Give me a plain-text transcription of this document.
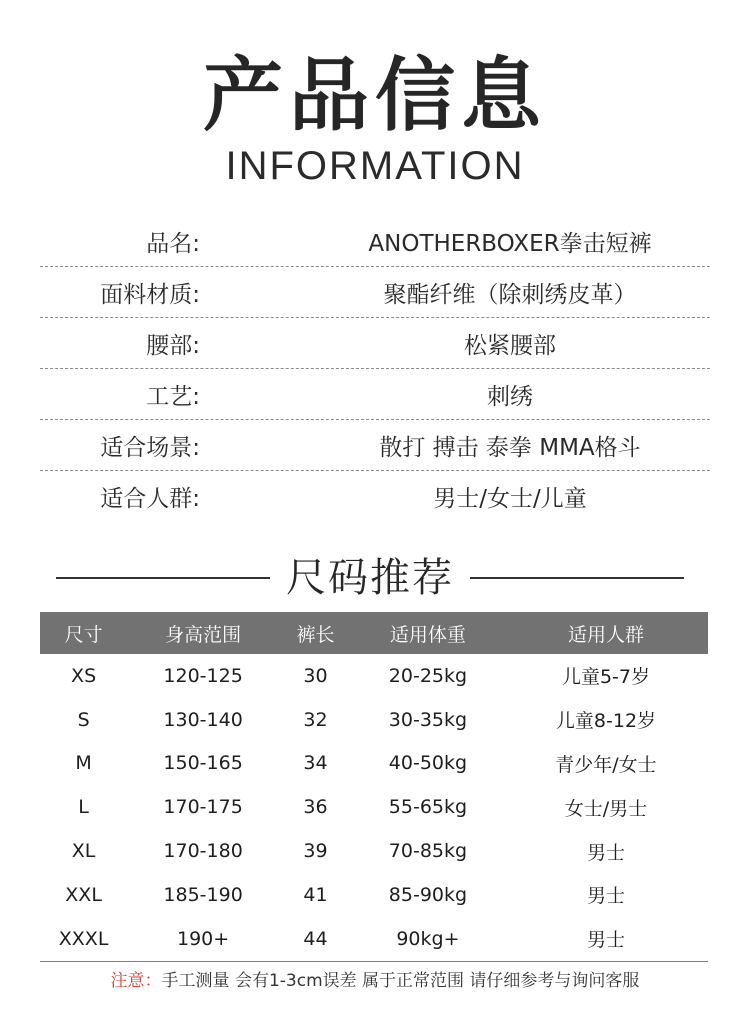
产品信息
INFORMATION
品名:	ANOTHERBOXER拳击短裤
面料材质:	聚酯纤维（除刺绣皮革）
腰部:	松紧腰部
工艺:	刺绣
适合场景:	散打 搏击 泰拳 MMA格斗
适合人群:	男士/女士/儿童
尺码推荐
尺寸	身高范围	裤长	适用体重	适用人群
XS	120-125	30	20-25kg	儿童5-7岁
S	130-140	32	30-35kg	儿童8-12岁
M	150-165	34	40-50kg	青少年/女士
L	170-175	36	55-65kg	女士/男士
XL	170-180	39	70-85kg	男士
XXL	185-190	41	85-90kg	男士
XXXL	190+	44	90kg+	男士
注意：手工测量 会有1-3cm误差 属于正常范围 请仔细参考与询问客服
